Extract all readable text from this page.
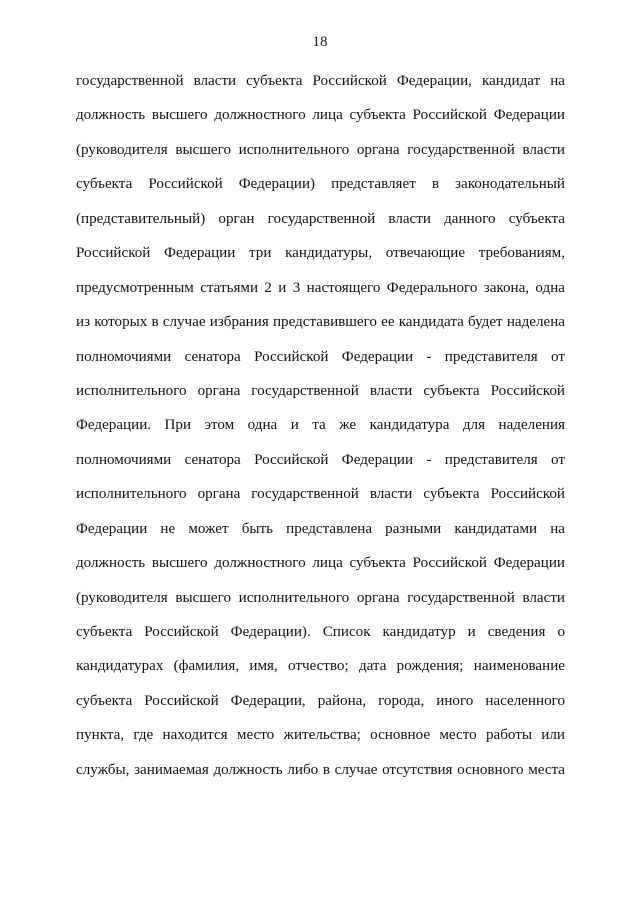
18
государственной власти субъекта Российской Федерации, кандидат на
должность высшего должностного лица субъекта Российской Федерации
(руководителя высшего исполнительного органа государственной власти
субъекта Российской Федерации) представляет в законодательный
(представительный) орган государственной власти данного субъекта
Российской Федерации три кандидатуры, отвечающие требованиям,
предусмотренным статьями 2 и 3 настоящего Федерального закона, одна
из которых в случае избрания представившего ее кандидата будет наделена
полномочиями сенатора Российской Федерации - представителя от
исполнительного органа государственной власти субъекта Российской
Федерации. При этом одна и та же кандидатура для наделения
полномочиями сенатора Российской Федерации - представителя от
исполнительного органа государственной власти субъекта Российской
Федерации не может быть представлена разными кандидатами на
должность высшего должностного лица субъекта Российской Федерации
(руководителя высшего исполнительного органа государственной власти
субъекта Российской Федерации). Список кандидатур и сведения о
кандидатурах (фамилия, имя, отчество; дата рождения; наименование
субъекта Российской Федерации, района, города, иного населенного
пункта, где находится место жительства; основное место работы или
службы, занимаемая должность либо в случае отсутствия основного места
